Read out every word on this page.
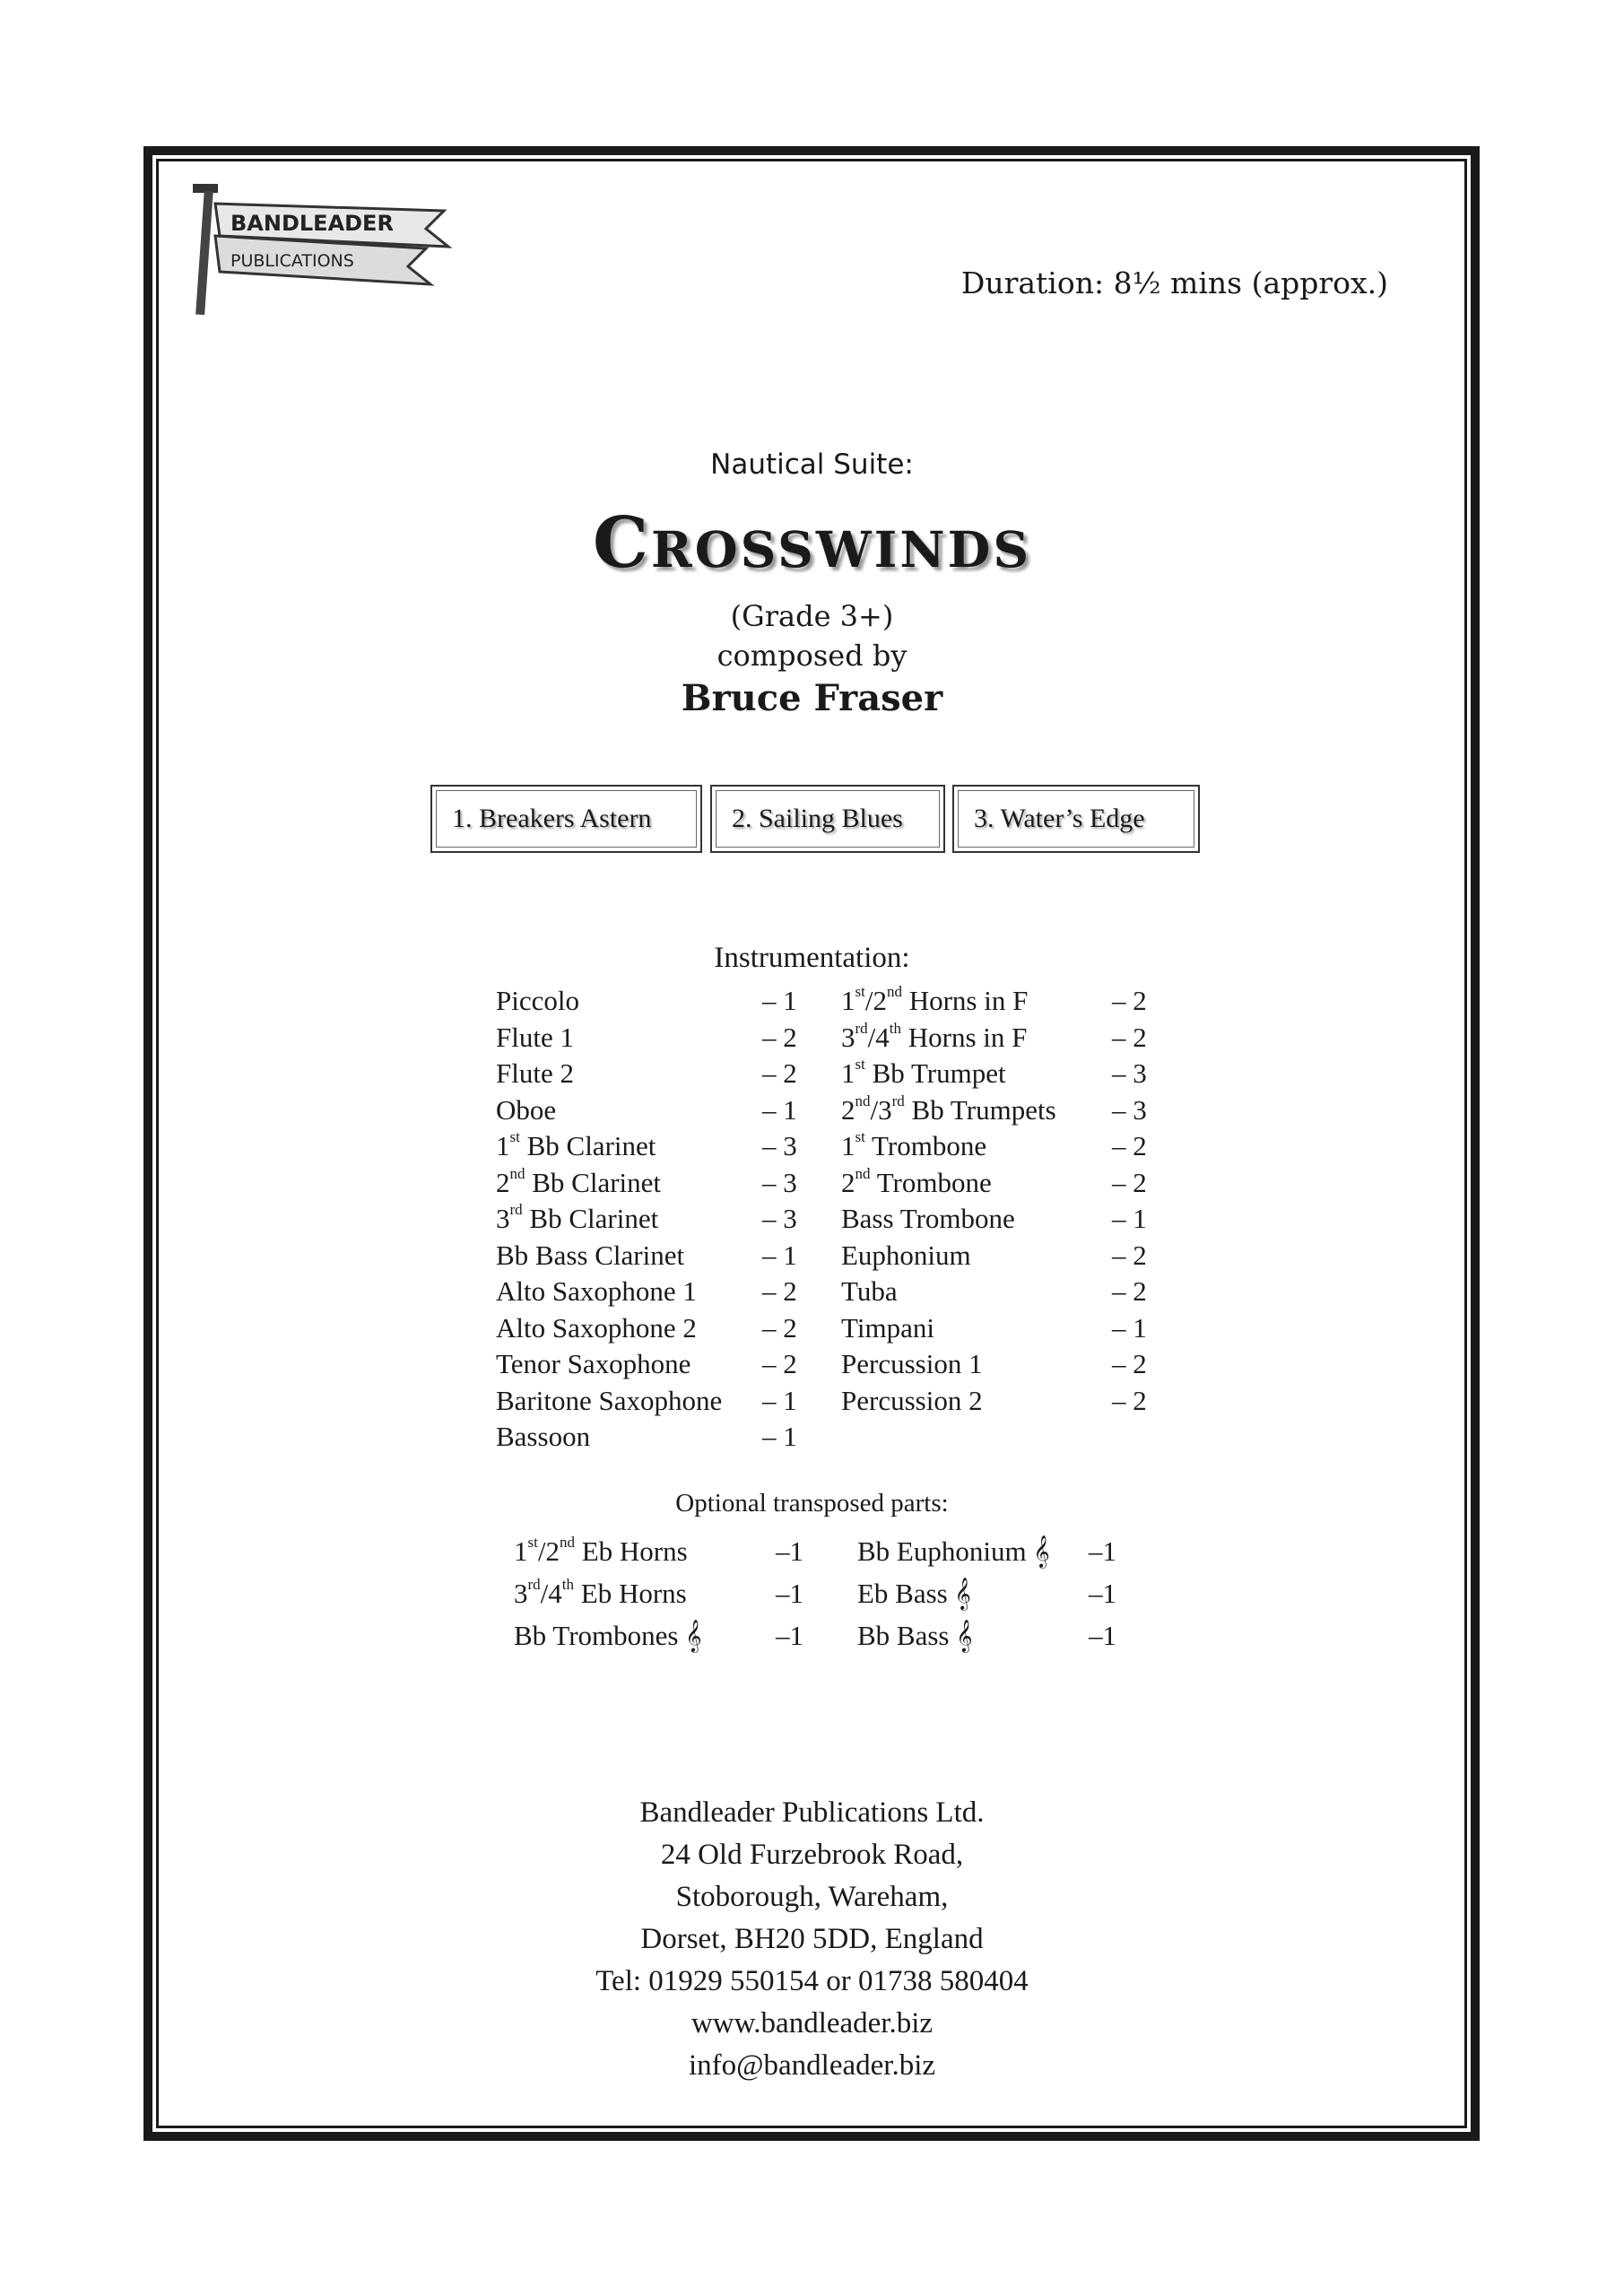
BANDLEADER
PUBLICATIONS
Duration: 8½ mins (approx.)
Nautical Suite:
Crosswinds
(Grade 3+)
composed by
Bruce Fraser
1. Breakers Astern	2. Sailing Blues	3. Water’s Edge
Instrumentation:
Piccolo	– 1
Flute 1	– 2
Flute 2	– 2
Oboe	– 1
1st Bb Clarinet	– 3
2nd Bb Clarinet	– 3
3rd Bb Clarinet	– 3
Bb Bass Clarinet	– 1
Alto Saxophone 1 – 2
Alto Saxophone 2 – 2
Tenor Saxophone	– 2
Baritone Saxophone – 1
Bassoon	– 1
1st/2nd Horns in F	– 2
3rd/4th Horns in F	– 2
1st Bb Trumpet	– 3
2nd/3rd Bb Trumpets – 3
1st Trombone	– 2
2nd Trombone	– 2
Bass Trombone	– 1
Euphonium	– 2
Tuba	– 2
Timpani	– 1
Percussion 1	– 2
Percussion 2	– 2
Optional transposed parts:
1st/2nd Eb Horns	–1
3rd/4th Eb Horns	–1
Bb Trombones 𝄞	–1
Bb Euphonium 𝄞 –1
Eb Bass 𝄞	–1
Bb Bass 𝄞	–1
Bandleader Publications Ltd.
24 Old Furzebrook Road,
Stoborough, Wareham,
Dorset, BH20 5DD, England
Tel: 01929 550154 or 01738 580404
www.bandleader.biz
info@bandleader.biz
